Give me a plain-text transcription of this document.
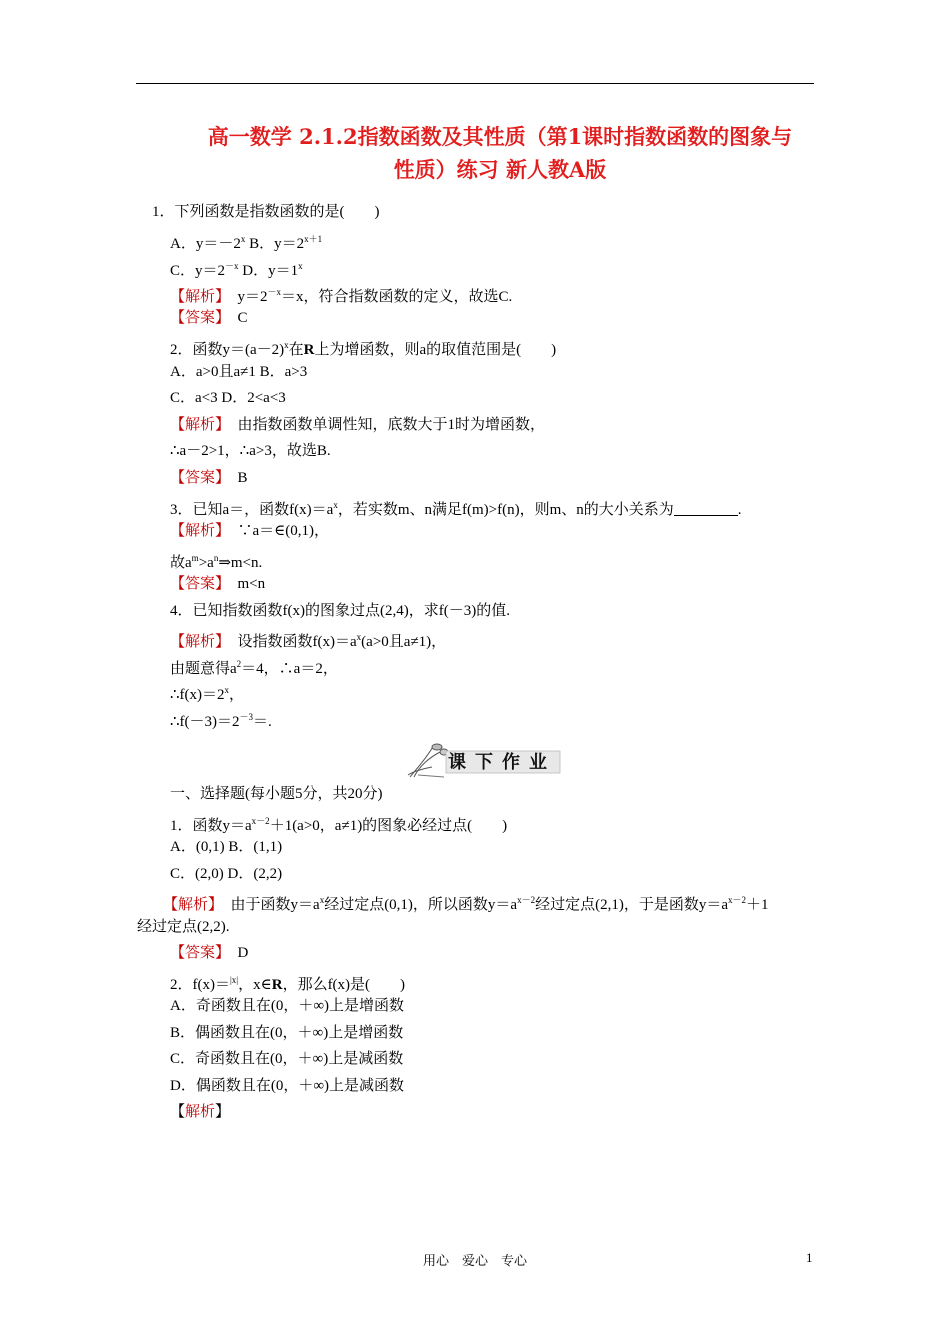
高一数学 2.1.2指数函数及其性质（第1课时指数函数的图象与
性质）练习 新人教A版
1．下列函数是指数函数的是(　　)
A．$y=-2^x$ B．$y=2^{x+1}$
C．$y=2^{-x}$ D．$y=1^x$
【解析】　$y=2^{-x}=x$，符合指数函数的定义，故选C.
【答案】　C
2．函数$y=(a-2)^x$在R上为增函数，则a的取值范围是(　　)
A．a>0且a≠1 B．a>3
C．a<3 D．2<a<3
【解析】　由指数函数单调性知，底数大于1时为增函数，
∴a－2>1，∴a>3，故选B.
【答案】　B
3．已知a＝，函数$f(x)=a^x$，若实数m、n满足f(m)>f(n)，则m、n的大小关系为	.
【解析】　∵a＝∈(0,1)，
故$a^m>a^n\Rightarrow m<n$.
【答案】　m<n
4．已知指数函数f(x)的图象过点(2,4)，求f(－3)的值.
【解析】　设指数函数$f(x)=a^x(a>0$且a≠1)，
由题意得$a^2=4$，∴a＝2，
$\therefore f(x)=2^x$，
$\therefore f(-3)=2^{-3}=$.
课下作业
一、选择题(每小题5分，共20分)
1．函数$y=a^{x-2}+1(a>0$，a≠1)的图象必经过点(　　)
A．(0,1) B．(1,1)
C．(2,0) D．(2,2)
【解析】　由于函数$y=a^x$经过定点(0,1)，所以函数$y=a^{x-2}$经过定点(2,1)，于是函数$y=a^{x-2}+1$
经过定点(2,2).
【答案】　D
2．f(x)＝$^{|x|}$，x∈R，那么f(x)是(　　)
A．奇函数且在(0，＋∞)上是增函数
B．偶函数且在(0，＋∞)上是增函数
C．奇函数且在(0，＋∞)上是减函数
D．偶函数且在(0，＋∞)上是减函数
【解析】
用心　爱心　专心	1
